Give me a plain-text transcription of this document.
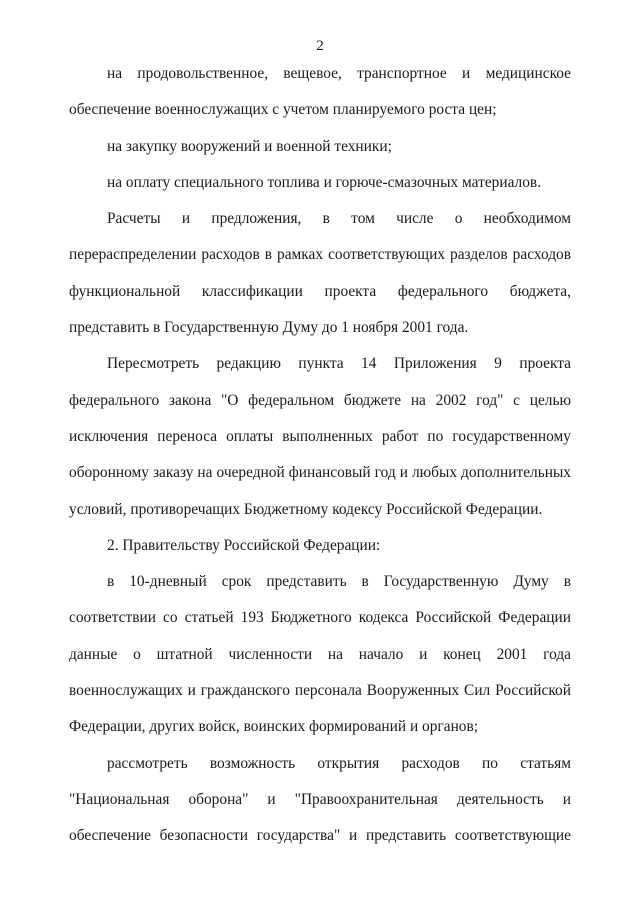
2
на продовольственное, вещевое, транспортное и медицинское
обеспечение военнослужащих с учетом планируемого роста цен;
на закупку вооружений и военной техники;
на оплату специального топлива и горюче-смазочных материалов.
Расчеты и предложения, в том числе о необходимом
перераспределении расходов в рамках соответствующих разделов расходов
функциональной классификации проекта федерального бюджета,
представить в Государственную Думу до 1 ноября 2001 года.
Пересмотреть редакцию пункта 14 Приложения 9 проекта
федерального закона "О федеральном бюджете на 2002 год" с целью
исключения переноса оплаты выполненных работ по государственному
оборонному заказу на очередной финансовый год и любых дополнительных
условий, противоречащих Бюджетному кодексу Российской Федерации.
2. Правительству Российской Федерации:
в 10-дневный срок представить в Государственную Думу в
соответствии со статьей 193 Бюджетного кодекса Российской Федерации
данные о штатной численности на начало и конец 2001 года
военнослужащих и гражданского персонала Вооруженных Сил Российской
Федерации, других войск, воинских формирований и органов;
рассмотреть возможность открытия расходов по статьям
"Национальная оборона" и "Правоохранительная деятельность и
обеспечение безопасности государства" и представить соответствующие
